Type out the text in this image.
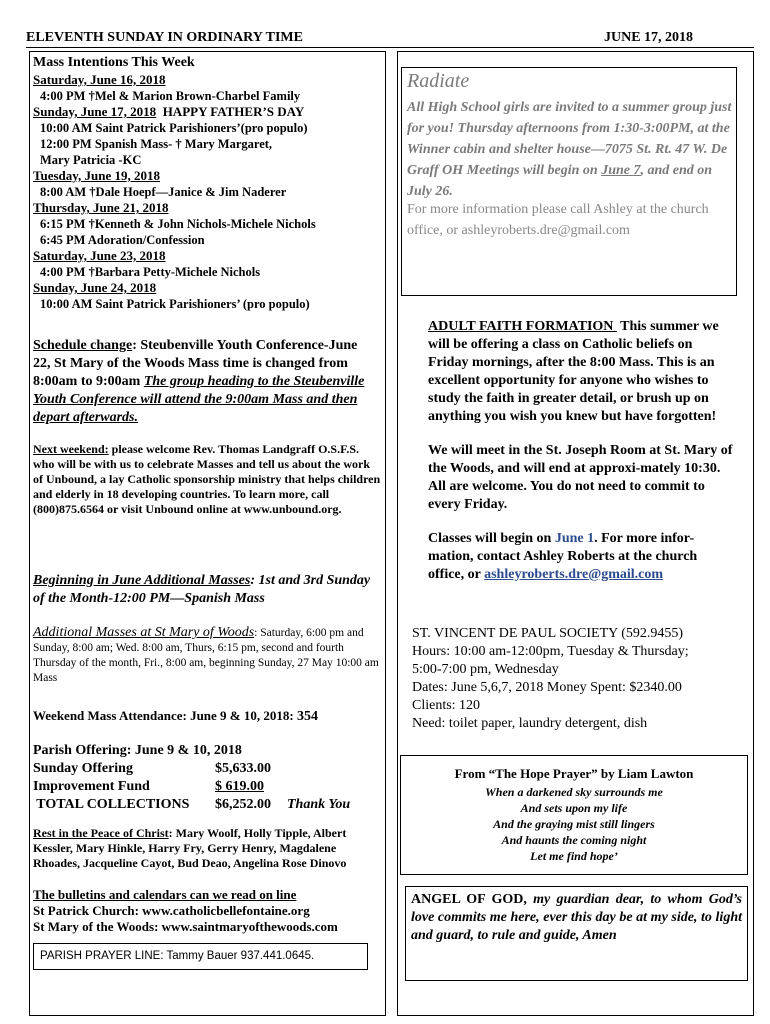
ELEVENTH SUNDAY IN ORDINARY TIME	JUNE 17, 2018
Mass Intentions This Week
Saturday, June 16, 2018
4:00 PM †Mel & Marion Brown-Charbel Family
Sunday, June 17, 2018  HAPPY FATHER’S DAY
10:00 AM Saint Patrick Parishioners’(pro populo)
12:00 PM Spanish Mass- † Mary Margaret,
Mary Patricia -KC
Tuesday, June 19, 2018
8:00 AM †Dale Hoepf—Janice & Jim Naderer
Thursday, June 21, 2018
6:15 PM †Kenneth & John Nichols-Michele Nichols
6:45 PM Adoration/Confession
Saturday, June 23, 2018
4:00 PM †Barbara Petty-Michele Nichols
Sunday, June 24, 2018
10:00 AM Saint Patrick Parishioners’ (pro populo)
Schedule change: Steubenville Youth Conference-June 22, St Mary of the Woods Mass time is changed from 8:00am to 9:00am The group heading to the Steubenville Youth Conference will attend the 9:00am Mass and then depart afterwards.
Next weekend: please welcome Rev. Thomas Landgraff O.S.F.S. who will be with us to celebrate Masses and tell us about the work of Unbound, a lay Catholic sponsorship ministry that helps children and elderly in 18 developing countries. To learn more, call (800)875.6564 or visit Unbound online at www.unbound.org.
Beginning in June Additional Masses: 1st and 3rd Sunday of the Month-12:00 PM—Spanish Mass
Additional Masses at St Mary of Woods: Saturday, 6:00 pm and Sunday, 8:00 am; Wed. 8:00 am, Thurs, 6:15 pm, second and fourth Thursday of the month, Fri., 8:00 am, beginning Sunday, 27 May 10:00 am Mass
Weekend Mass Attendance: June 9 & 10, 2018: 354
Parish Offering: June 9 & 10, 2018
Sunday Offering	$5,633.00
Improvement Fund	$ 619.00
TOTAL COLLECTIONS $6,252.00 Thank You
Rest in the Peace of Christ: Mary Woolf, Holly Tipple, Albert Kessler, Mary Hinkle, Harry Fry, Gerry Henry, Magdalene Rhoades, Jacqueline Cayot, Bud Deao, Angelina Rose Dinovo
The bulletins and calendars can we read on line
St Patrick Church: www.catholicbellefontaine.org
St Mary of the Woods: www.saintmaryofthewoods.com
PARISH PRAYER LINE: Tammy Bauer 937.441.0645.
Radiate
All High School girls are invited to a summer group just for you! Thursday afternoons from 1:30-3:00PM, at the Winner cabin and shelter house—7075 St. Rt. 47 W. De Graff OH Meetings will begin on June 7, and end on July 26.
For more information please call Ashley at the church office, or ashleyroberts.dre@gmail.com

ADULT FAITH FORMATION  This summer we will be offering a class on Catholic beliefs on Friday mornings, after the 8:00 Mass. This is an excellent opportunity for anyone who wishes to study the faith in greater detail, or brush up on anything you wish you knew but have forgotten!

We will meet in the St. Joseph Room at St. Mary of the Woods, and will end at approxi-mately 10:30. All are welcome. You do not need to commit to every Friday.

Classes will begin on June 1. For more infor-mation, contact Ashley Roberts at the church office, or ashleyroberts.dre@gmail.com

ST. VINCENT DE PAUL SOCIETY (592.9455)
Hours: 10:00 am-12:00pm, Tuesday & Thursday;
5:00-7:00 pm, Wednesday
Dates: June 5,6,7, 2018 Money Spent: $2340.00
Clients: 120
Need: toilet paper, laundry detergent, dish
From “The Hope Prayer” by Liam Lawton
When a darkened sky surrounds me
And sets upon my life
And the graying mist still lingers
And haunts the coming night
Let me find hope’
ANGEL OF GOD, my guardian dear, to whom God’s love commits me here, ever this day be at my side, to light and guard, to rule and guide, Amen
